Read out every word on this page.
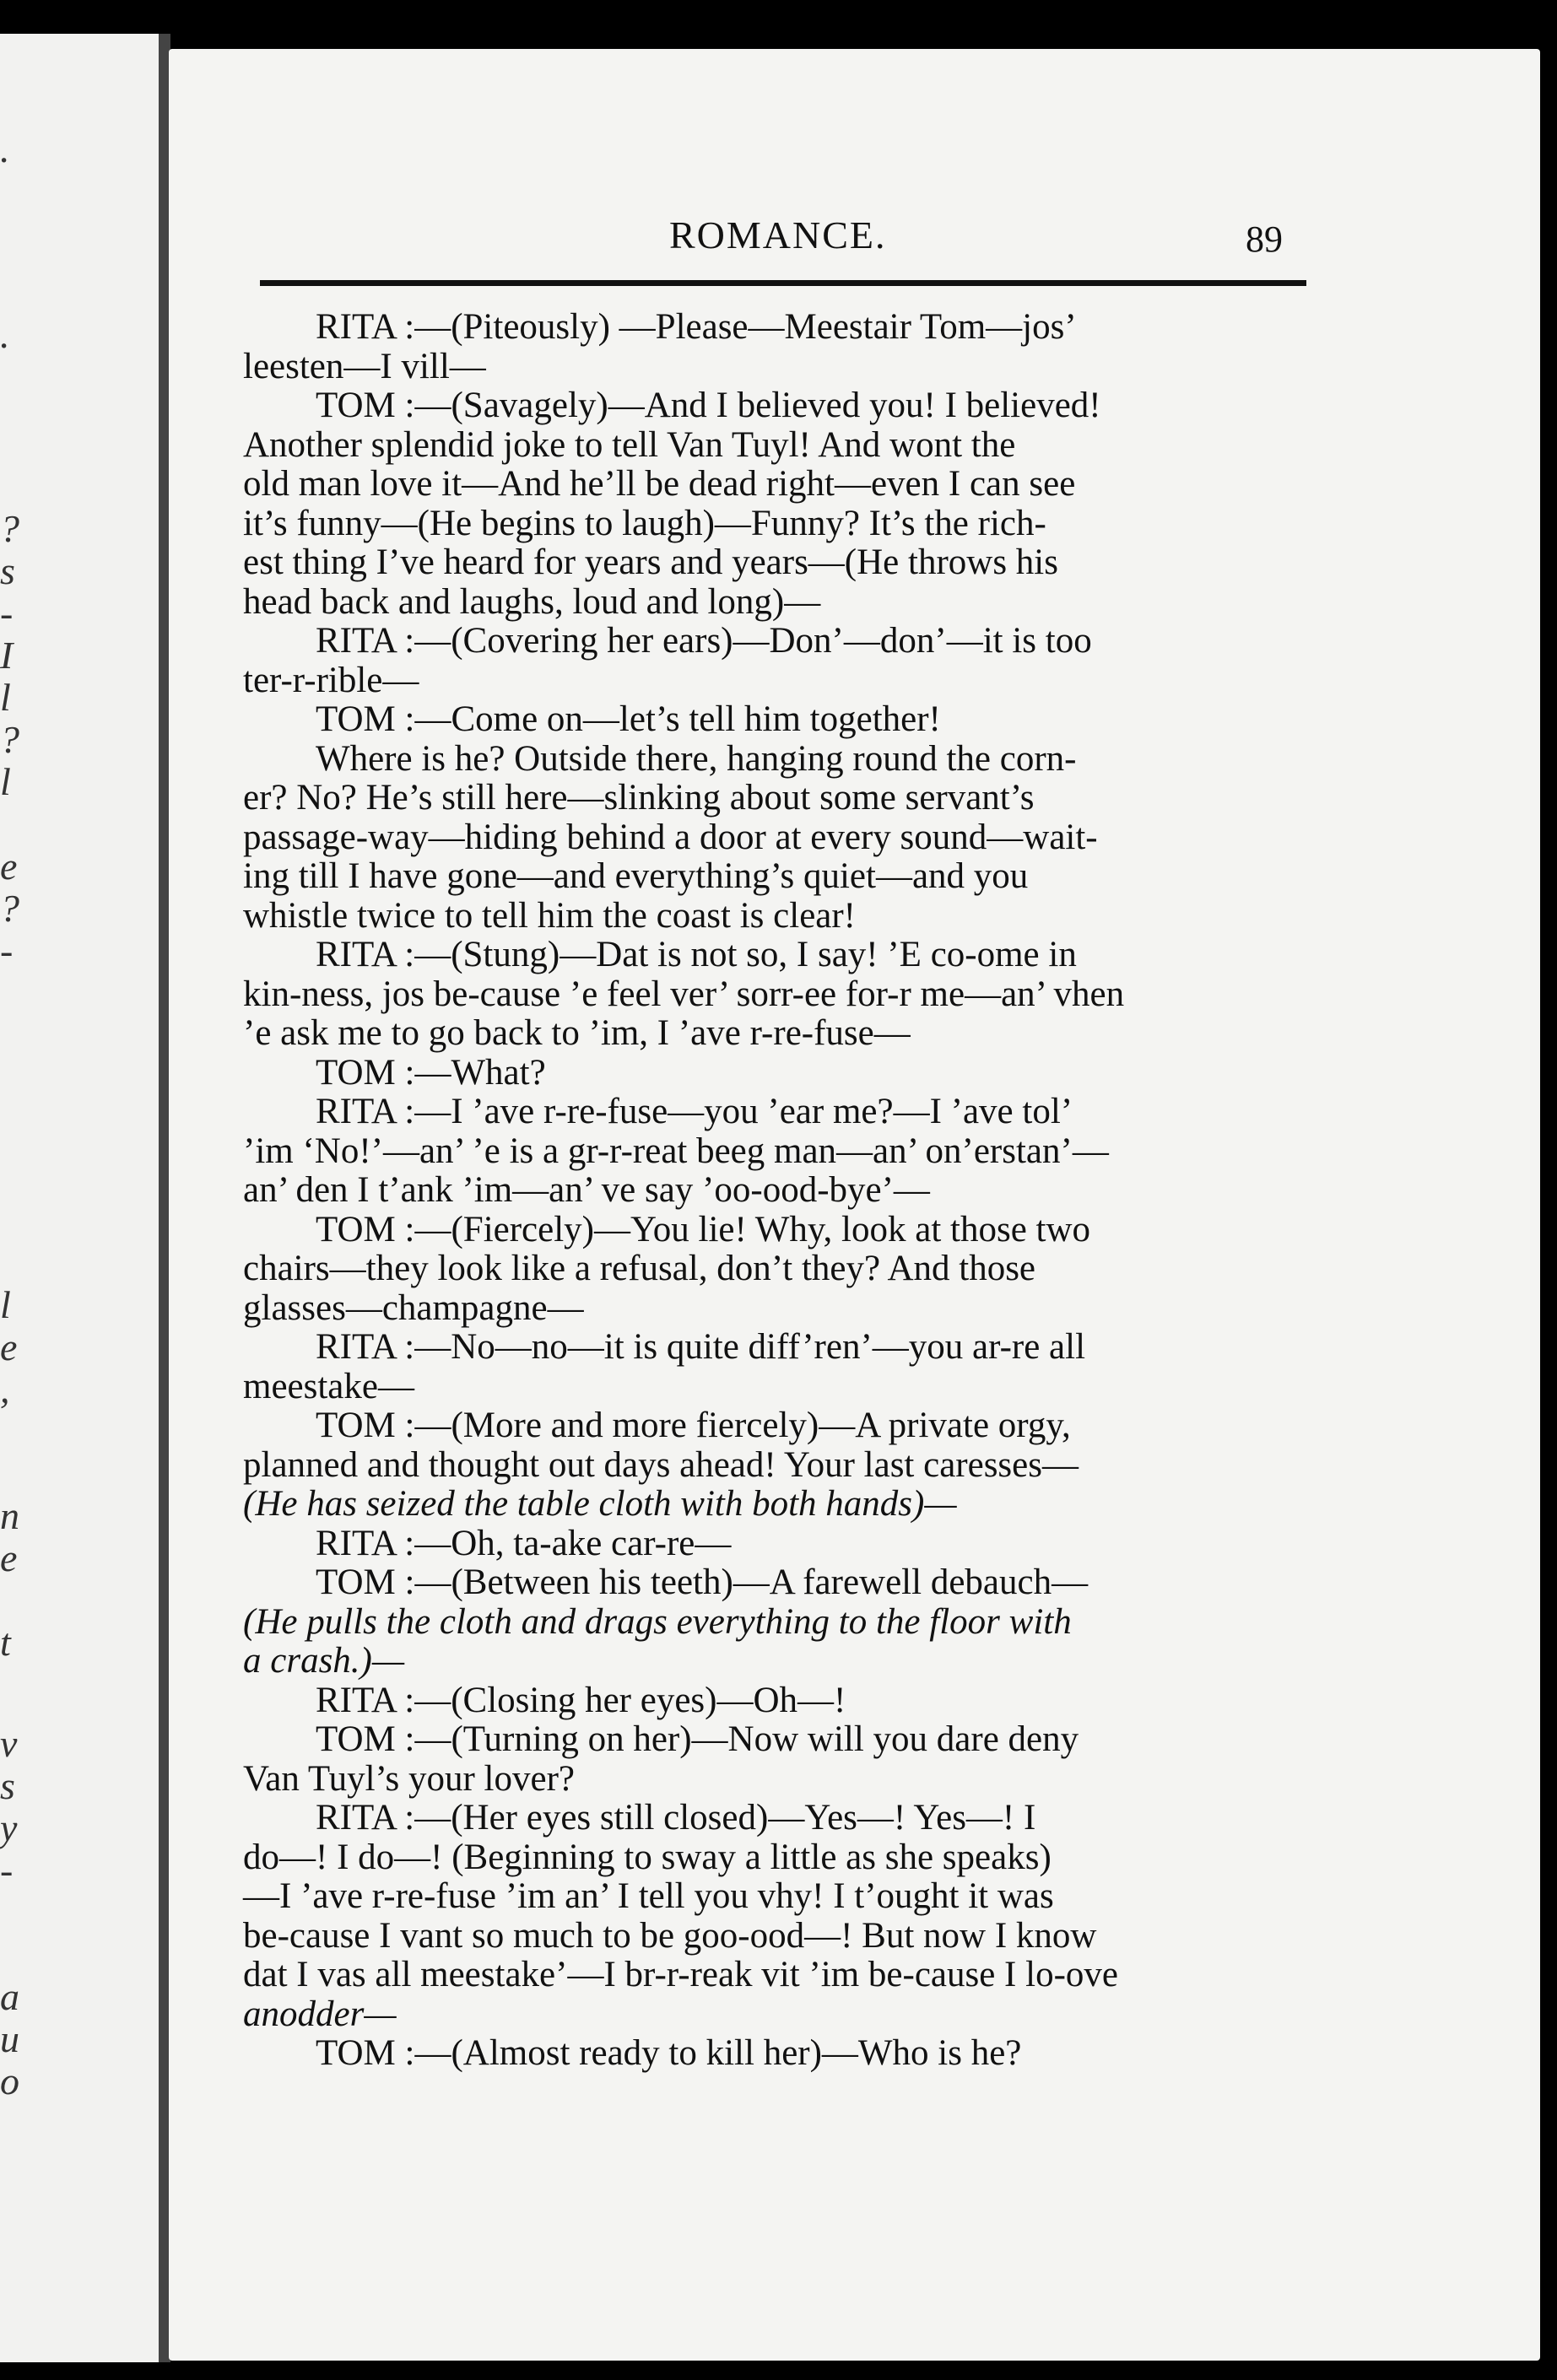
.
.
?
s
-
I
l
?
l
e
?
-
l
e
,
n
e
t
v
s
y
-
a
u
o
ROMANCE.	89

RITA :—(Piteously) —Please—Meestair Tom—jos’

leesten—I vill—

TOM :—(Savagely)—And I believed you! I believed!

Another splendid joke to tell Van Tuyl! And wont the

old man love it—And he’ll be dead right—even I can see

it’s funny—(He begins to laugh)—Funny? It’s the rich-

est thing I’ve heard for years and years—(He throws his

head back and laughs, loud and long)—

RITA :—(Covering her ears)—Don’—don’—it is too

ter-r-rible—

TOM :—Come on—let’s tell him together!

Where is he? Outside there, hanging round the corn-

er? No? He’s still here—slinking about some servant’s

passage-way—hiding behind a door at every sound—wait-

ing till I have gone—and everything’s quiet—and you

whistle twice to tell him the coast is clear!

RITA :—(Stung)—Dat is not so, I say! ’E co-ome in

kin-ness, jos be-cause ’e feel ver’ sorr-ee for-r me—an’ vhen

’e ask me to go back to ’im, I ’ave r-re-fuse—

TOM :—What?

RITA :—I ’ave r-re-fuse—you ’ear me?—I ’ave tol’

’im ‘No!’—an’ ’e is a gr-r-reat beeg man—an’ on’erstan’—

an’ den I t’ank ’im—an’ ve say ’oo-ood-bye’—

TOM :—(Fiercely)—You lie! Why, look at those two

chairs—they look like a refusal, don’t they? And those

glasses—champagne—

RITA :—No—no—it is quite diff’ren’—you ar-re all

meestake—

TOM :—(More and more fiercely)—A private orgy,

planned and thought out days ahead! Your last caresses—

(He has seized the table cloth with both hands)—

RITA :—Oh, ta-ake car-re—

TOM :—(Between his teeth)—A farewell debauch—

(He pulls the cloth and drags everything to the floor with

a crash.)—

RITA :—(Closing her eyes)—Oh—!

TOM :—(Turning on her)—Now will you dare deny

Van Tuyl’s your lover?

RITA :—(Her eyes still closed)—Yes—! Yes—! I

do—! I do—! (Beginning to sway a little as she speaks)

—I ’ave r-re-fuse ’im an’ I tell you vhy! I t’ought it was

be-cause I vant so much to be goo-ood—! But now I know

dat I vas all meestake’—I br-r-reak vit ’im be-cause I lo-ove

anodder—

TOM :—(Almost ready to kill her)—Who is he?
